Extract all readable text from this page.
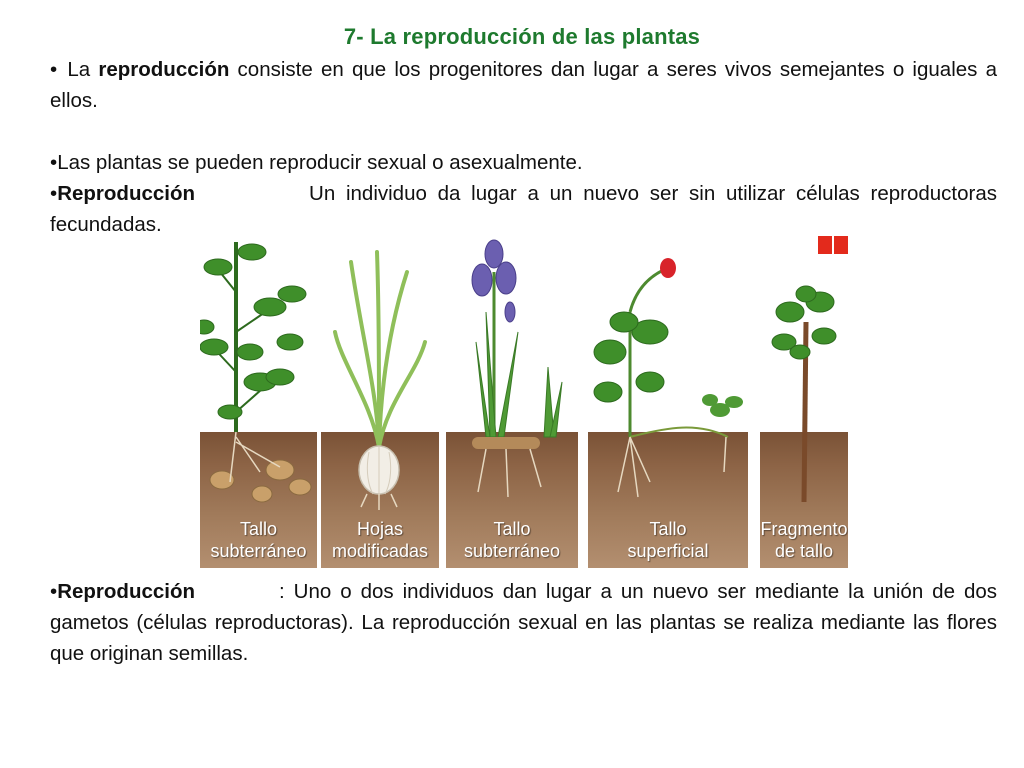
7- La reproducción de las plantas
• La reproducción consiste en que los progenitores dan lugar a seres vivos semejantes o iguales a ellos.
•Las plantas se pueden reproducir sexual o asexualmente.
•Reproducción	Un individuo da lugar a un nuevo ser sin utilizar células reproductoras fecundadas.
Tallo
subterráneo
Hojas
modificadas
Tallo
subterráneo
Tallo
superficial
Fragmento
de tallo
•Reproducción	: Uno o dos individuos dan lugar a un nuevo ser mediante la unión de dos gametos (células reproductoras). La reproducción sexual en las plantas se realiza mediante las flores que originan semillas.
